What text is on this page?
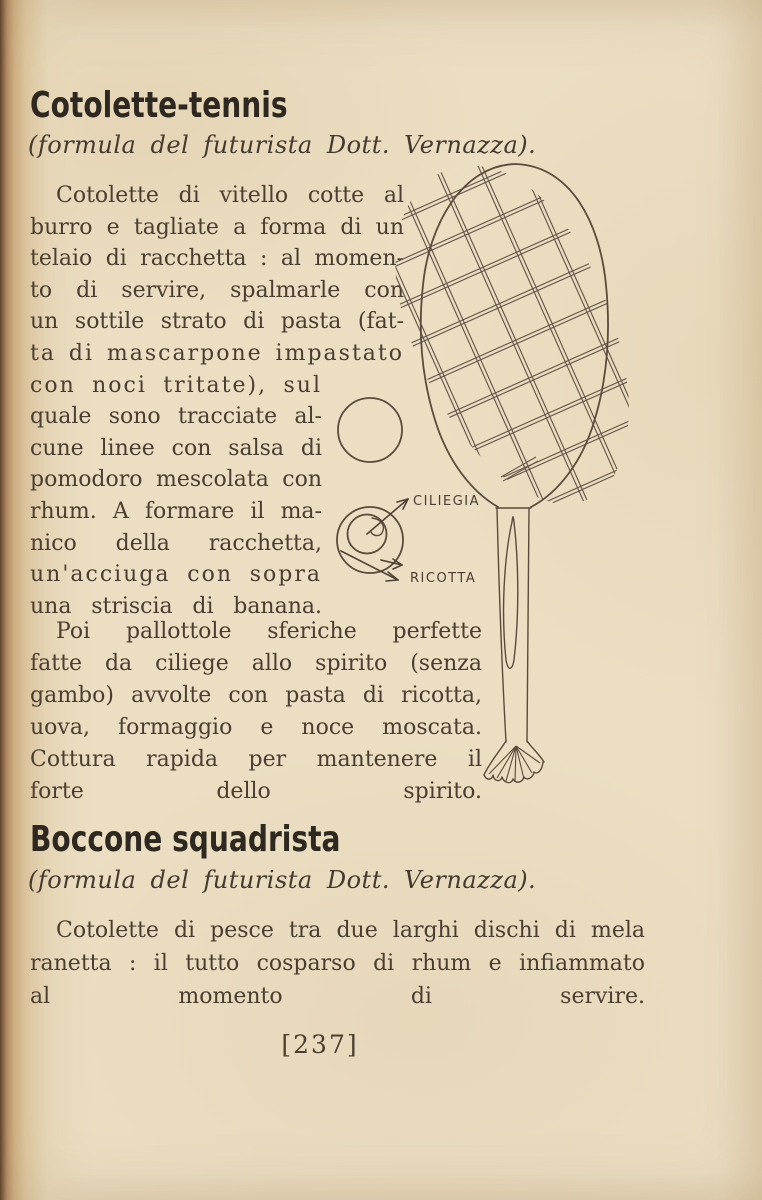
Cotolette-tennis
(formula del futurista Dott. Vernazza).
Cotolette di vitello cotte al
burro e tagliate a forma di un
telaio di racchetta : al momen-
to di servire, spalmarle con
un sottile strato di pasta (fat-
ta di mascarpone impastato
con noci tritate), sul
quale sono tracciate al-
cune linee con salsa di
pomodoro mescolata con
rhum. A formare il ma-
nico della racchetta,
un'acciuga con sopra
una striscia di banana.
Poi pallottole sferiche perfette
fatte da ciliege allo spirito (senza
gambo) avvolte con pasta di ricotta,
uova, formaggio e noce moscata.
Cottura rapida per mantenere il
forte dello spirito.
CILIEGIA
RICOTTA
Boccone squadrista
(formula del futurista Dott. Vernazza).
Cotolette di pesce tra due larghi dischi di mela
ranetta : il tutto cosparso di rhum e infiammato
al momento di servire.
[237]
